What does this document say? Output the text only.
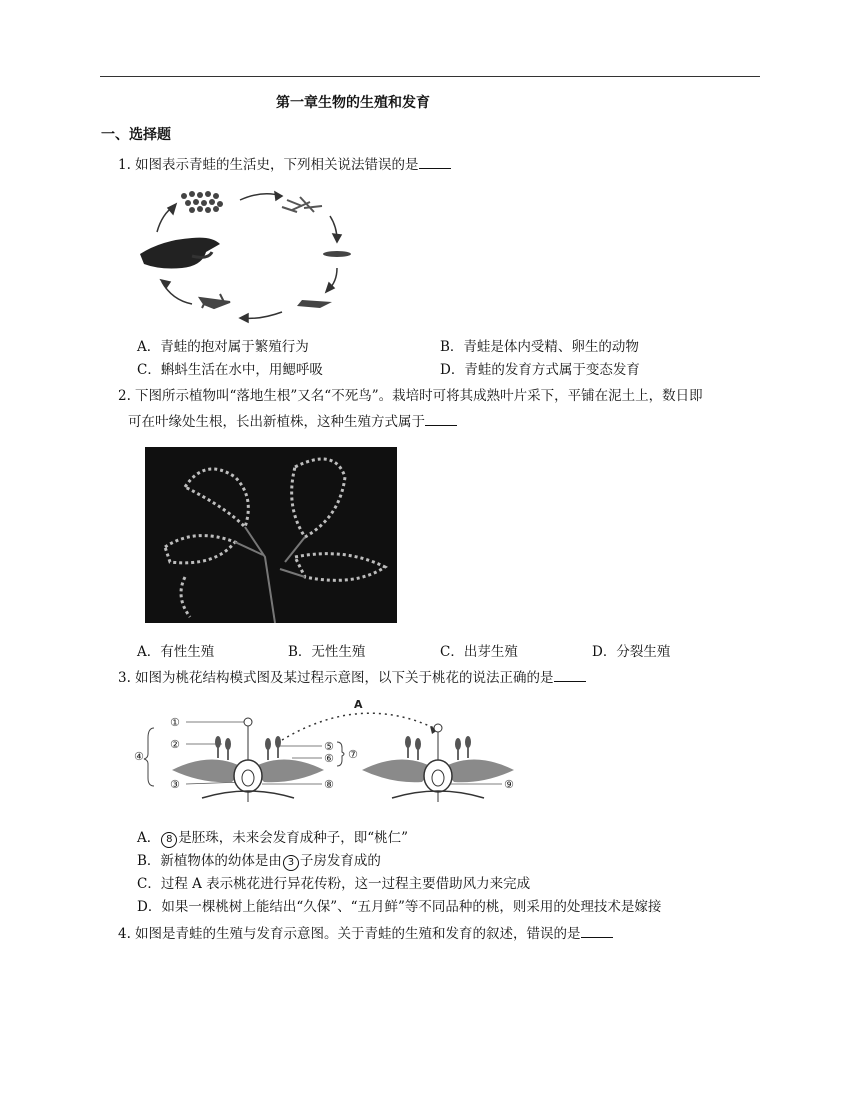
第一章生物的生殖和发育
一、选择题
1. 如图表示青蛙的生活史，下列相关说法错误的是
A．青蛙的抱对属于繁殖行为	B．青蛙是体内受精、卵生的动物
C．蝌蚪生活在水中，用鳃呼吸	D．青蛙的发育方式属于变态发育
2. 下图所示植物叫“落地生根”又名“不死鸟”。栽培时可将其成熟叶片采下，平铺在泥土上，数日即
可在叶缘处生根，长出新植株，这种生殖方式属于
A．有性生殖	B．无性生殖	C．出芽生殖	D．分裂生殖
3. 如图为桃花结构模式图及某过程示意图，以下关于桃花的说法正确的是
④
①
②
③
⑤
⑥ ⑦
⑧
A
⑨
A． 8 是胚珠，未来会发育成种子，即“桃仁”
B．新植物体的幼体是由 3 子房发育成的
C．过程 A 表示桃花进行异花传粉，这一过程主要借助风力来完成
D．如果一棵桃树上能结出“久保”、“五月鲜”等不同品种的桃，则采用的处理技术是嫁接
4. 如图是青蛙的生殖与发育示意图。关于青蛙的生殖和发育的叙述，错误的是
